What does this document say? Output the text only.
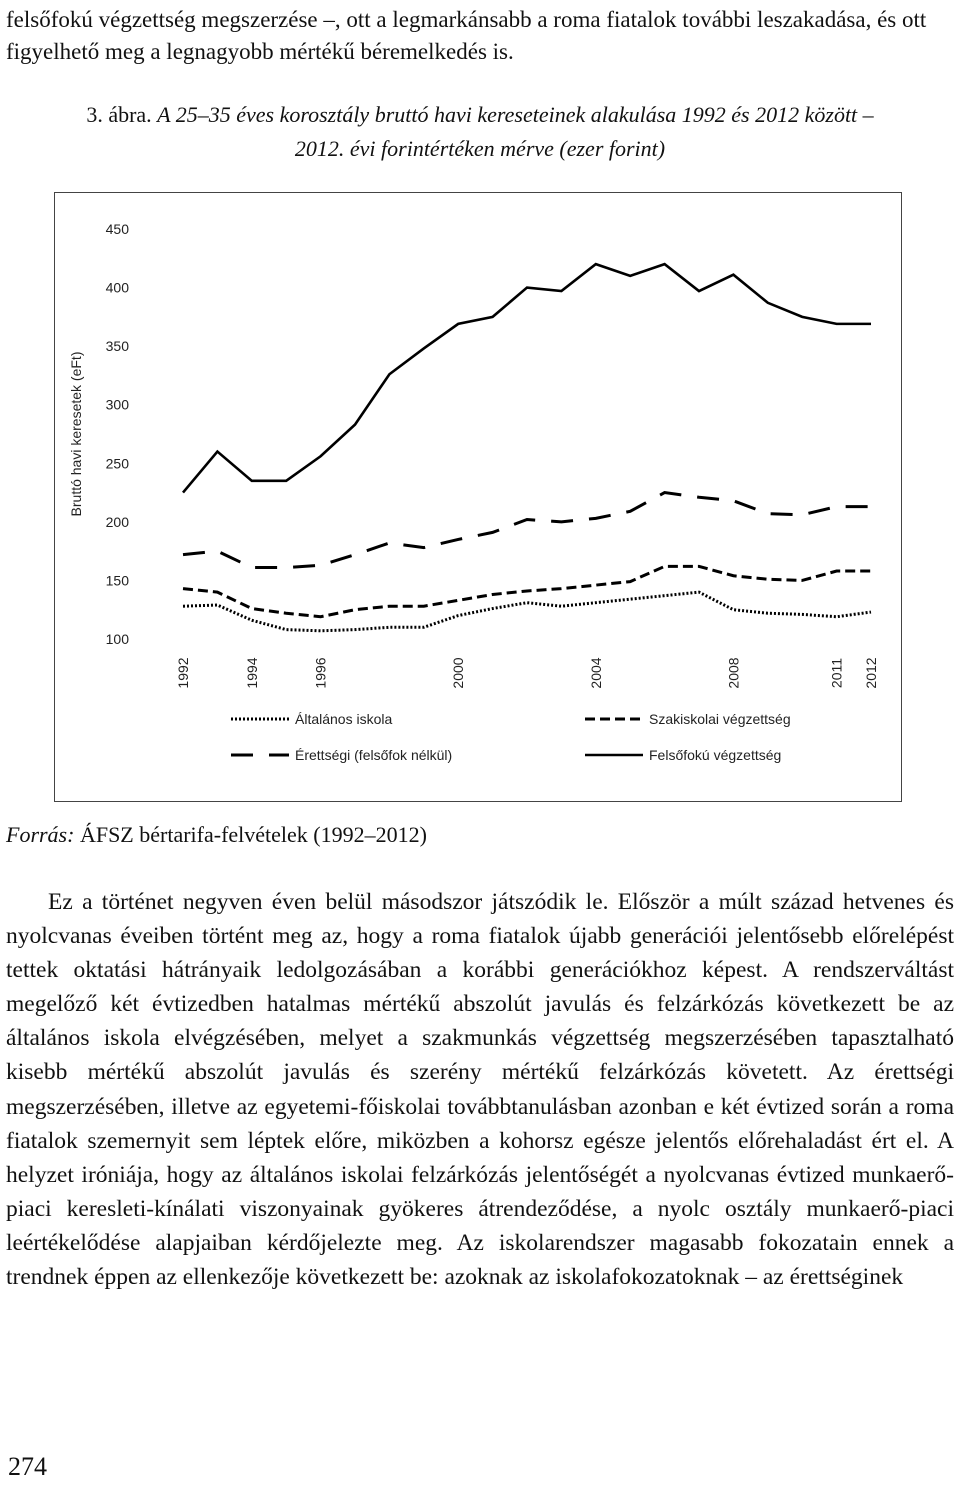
felsőfokú végzettség megszerzése –, ott a legmarkánsabb a roma fiatalok további leszakadása, és ott figyelhető meg a legnagyobb mértékű béremelkedés is.

3. ábra. A 25–35 éves korosztály bruttó havi kereseteinek alakulása 1992 és 2012 között – 2012. évi forintértéken mérve (ezer forint)

Bruttó havi keresetek (eFt)
100
150
200
250
300
350
400
450
1992	1994	1996	2000	2004	2008	2011 2012
Általános iskola	Szakiskolai végzettség
Érettségi (felsőfok nélkül)	Felsőfokú végzettség

Forrás: ÁFSZ bértarifa-felvételek (1992–2012)

Ez a történet negyven éven belül másodszor játszódik le. Először a múlt század hetvenes és nyolcvanas éveiben történt meg az, hogy a roma fiatalok újabb generációi jelentősebb előrelépést tettek oktatási hátrányaik ledolgozásában a korábbi generációkhoz képest. A rendszerváltást megelőző két évtizedben hatalmas mértékű abszolút javulás és felzárkózás következett be az általános iskola elvégzésében, melyet a szakmunkás végzettség megszerzésében tapasztalható kisebb mértékű abszolút javulás és szerény mértékű felzárkózás követett. Az érettségi megszerzésében, illetve az egyetemi-főiskolai továbbtanulásban azonban e két évtized során a roma fiatalok szemernyit sem léptek előre, miközben a kohorsz egésze jelentős előrehaladást ért el. A helyzet iróniája, hogy az általános iskolai felzárkózás jelentőségét a nyolcvanas évtized munkaerő-piaci keresleti-kínálati viszonyainak gyökeres átrendeződése, a nyolc osztály munkaerő-piaci leértékelődése alapjaiban kérdőjelezte meg. Az iskolarendszer magasabb fokozatain ennek a trendnek éppen az ellenkezője következett be: azoknak az iskolafokozatoknak – az érettséginek

274
